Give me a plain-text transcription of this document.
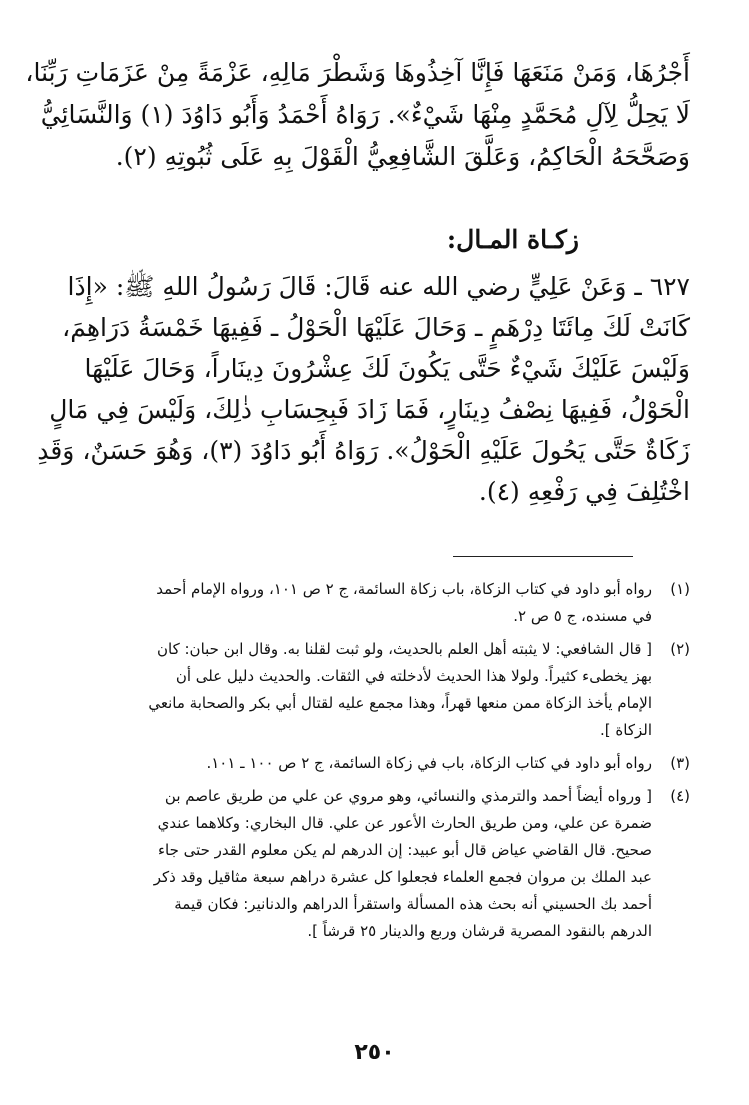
أَجْرُهَا، وَمَنْ مَنَعَهَا فَإِنَّا آخِذُوهَا وَشَطْرَ مَالِهِ، عَزْمَةً مِنْ عَزَمَاتِ رَبِّنَا،
لَا يَحِلُّ لِآلِ مُحَمَّدٍ مِنْهَا شَيْءٌ». رَوَاهُ أَحْمَدُ وَأَبُو دَاوُدَ (١) وَالنَّسَائِيُّ
وَصَحَّحَهُ الْحَاكِمُ، وَعَلَّقَ الشَّافِعِيُّ الْقَوْلَ بِهِ عَلَى ثُبُوتِهِ (٢).
زكـاة المـال:
٦٢٧ ـ وَعَنْ عَلِيٍّ رضي الله عنه قَالَ: قَالَ رَسُولُ اللهِ ﷺ: «إِذَا
كَانَتْ لَكَ مِائَتَا دِرْهَمٍ ـ وَحَالَ عَلَيْهَا الْحَوْلُ ـ فَفِيهَا خَمْسَةُ دَرَاهِمَ،
وَلَيْسَ عَلَيْكَ شَيْءٌ حَتَّى يَكُونَ لَكَ عِشْرُونَ دِينَاراً، وَحَالَ عَلَيْهَا
الْحَوْلُ، فَفِيهَا نِصْفُ دِينَارٍ، فَمَا زَادَ فَبِحِسَابِ ذٰلِكَ، وَلَيْسَ فِي مَالٍ
زَكَاةٌ حَتَّى يَحُولَ عَلَيْهِ الْحَوْلُ». رَوَاهُ أَبُو دَاوُدَ (٣)، وَهُوَ حَسَنٌ، وَقَدِ
اخْتُلِفَ فِي رَفْعِهِ (٤).
(١)
رواه أبو داود في كتاب الزكاة، باب زكاة السائمة، ج ٢ ص ١٠١، ورواه الإمام أحمد
في مسنده، ج ٥ ص ٢.
(٢)
[ قال الشافعي: لا يثبته أهل العلم بالحديث، ولو ثبت لقلنا به. وقال ابن حبان: كان
بهز يخطىء كثيراً. ولولا هذا الحديث لأدخلته في الثقات. والحديث دليل على أن
الإمام يأخذ الزكاة ممن منعها قهراً، وهذا مجمع عليه لقتال أبي بكر والصحابة مانعي
الزكاة ].
(٣)
رواه أبو داود في كتاب الزكاة، باب في زكاة السائمة، ج ٢ ص ١٠٠ ـ ١٠١.
(٤)
[ ورواه أيضاً أحمد والترمذي والنسائي، وهو مروي عن علي من طريق عاصم بن
ضمرة عن علي، ومن طريق الحارث الأعور عن علي. قال البخاري: وكلاهما عندي
صحيح. قال القاضي عياض قال أبو عبيد: إن الدرهم لم يكن معلوم القدر حتى جاء
عبد الملك بن مروان فجمع العلماء فجعلوا كل عشرة دراهم سبعة مثاقيل وقد ذكر
أحمد بك الحسيني أنه بحث هذه المسألة واستقرأ الدراهم والدنانير: فكان قيمة
الدرهم بالنقود المصرية قرشان وربع والدينار ٢٥ قرشاً ].
٢٥٠
